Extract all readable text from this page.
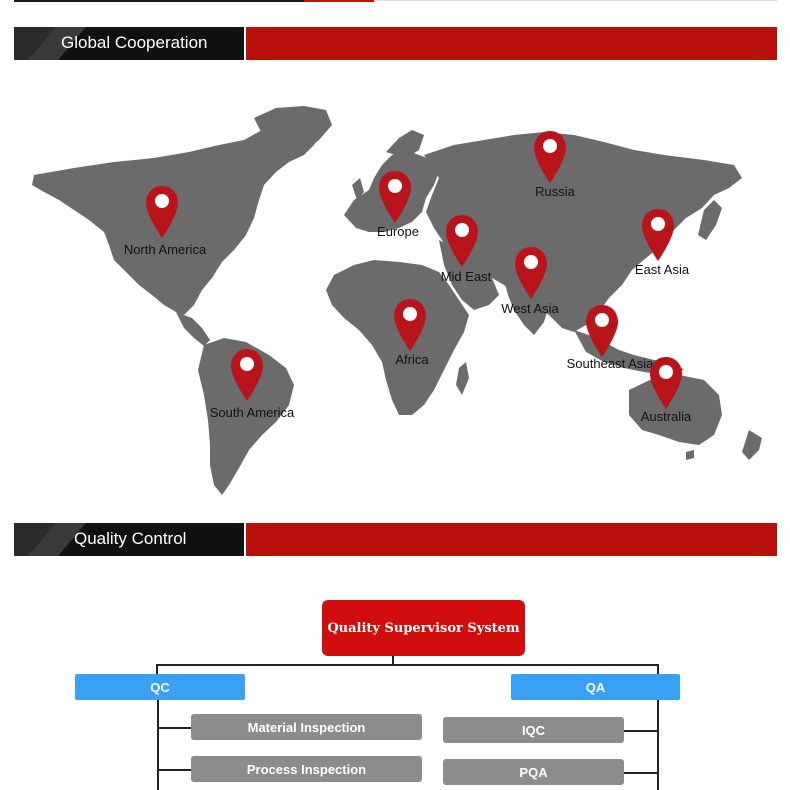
Global Cooperation
North America
South America
Europe
Russia
Mid East
West Asia
Africa
East Asia
Southeast Asia
Australia
Quality Control
Quality Supervisor System
QC	QA
Material Inspection
Process Inspection
IQC
PQA
